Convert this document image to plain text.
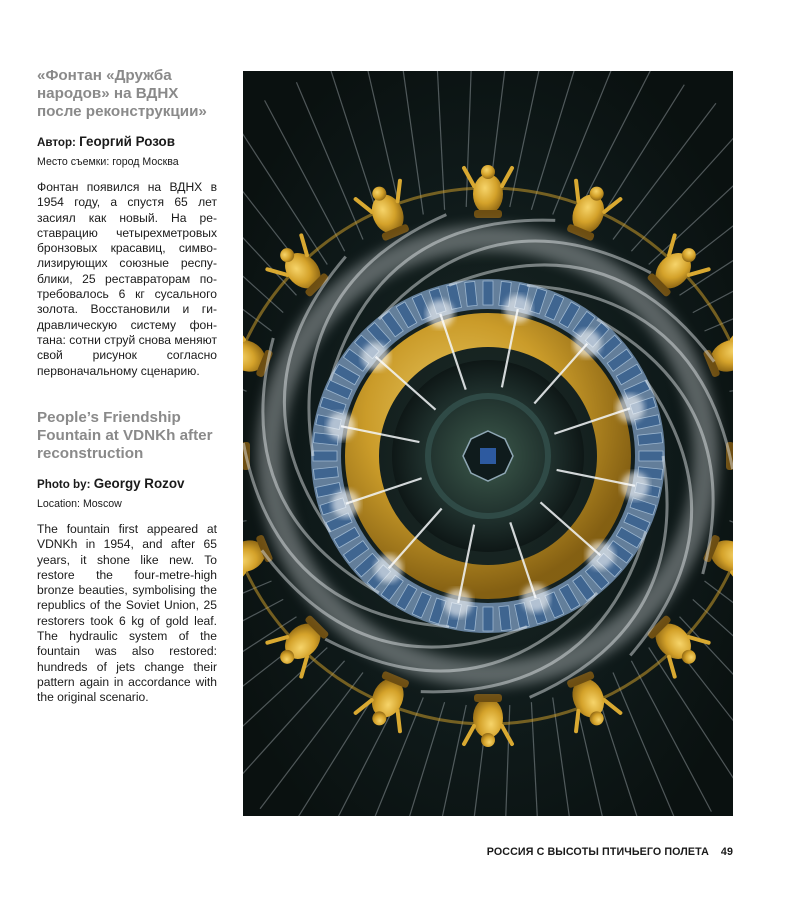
«Фонтан «Дружба народов» на ВДНХ после реконструкции»

Автор: Георгий Розов

Место съемки: город Москва

Фонтан появился на ВДНХ в 1954 году, а спустя 65 лет засиял как новый. На реставрацию четырехметровых бронзовых красавиц, символизирующих союзные республики, 25 реставраторам потребовалось 6 кг сусального золота. Восстановили и гидравлическую систему фонтана: сотни струй снова меняют свой рисунок согласно первоначальному сценарию.

People’s Friendship Fountain at VDNKh after reconstruction

Photo by: Georgy Rozov

Location: Moscow

The fountain first appeared at VDNKh in 1954, and after 65 years, it shone like new. To restore the four-metre-high bronze beauties, symbolising the republics of the Soviet Union, 25 restorers took 6 kg of gold leaf. The hydraulic system of the fountain was also restored: hundreds of jets change their pattern again in accordance with the original scenario.

РОССИЯ С ВЫСОТЫ ПТИЧЬЕГО ПОЛЕТА 49
